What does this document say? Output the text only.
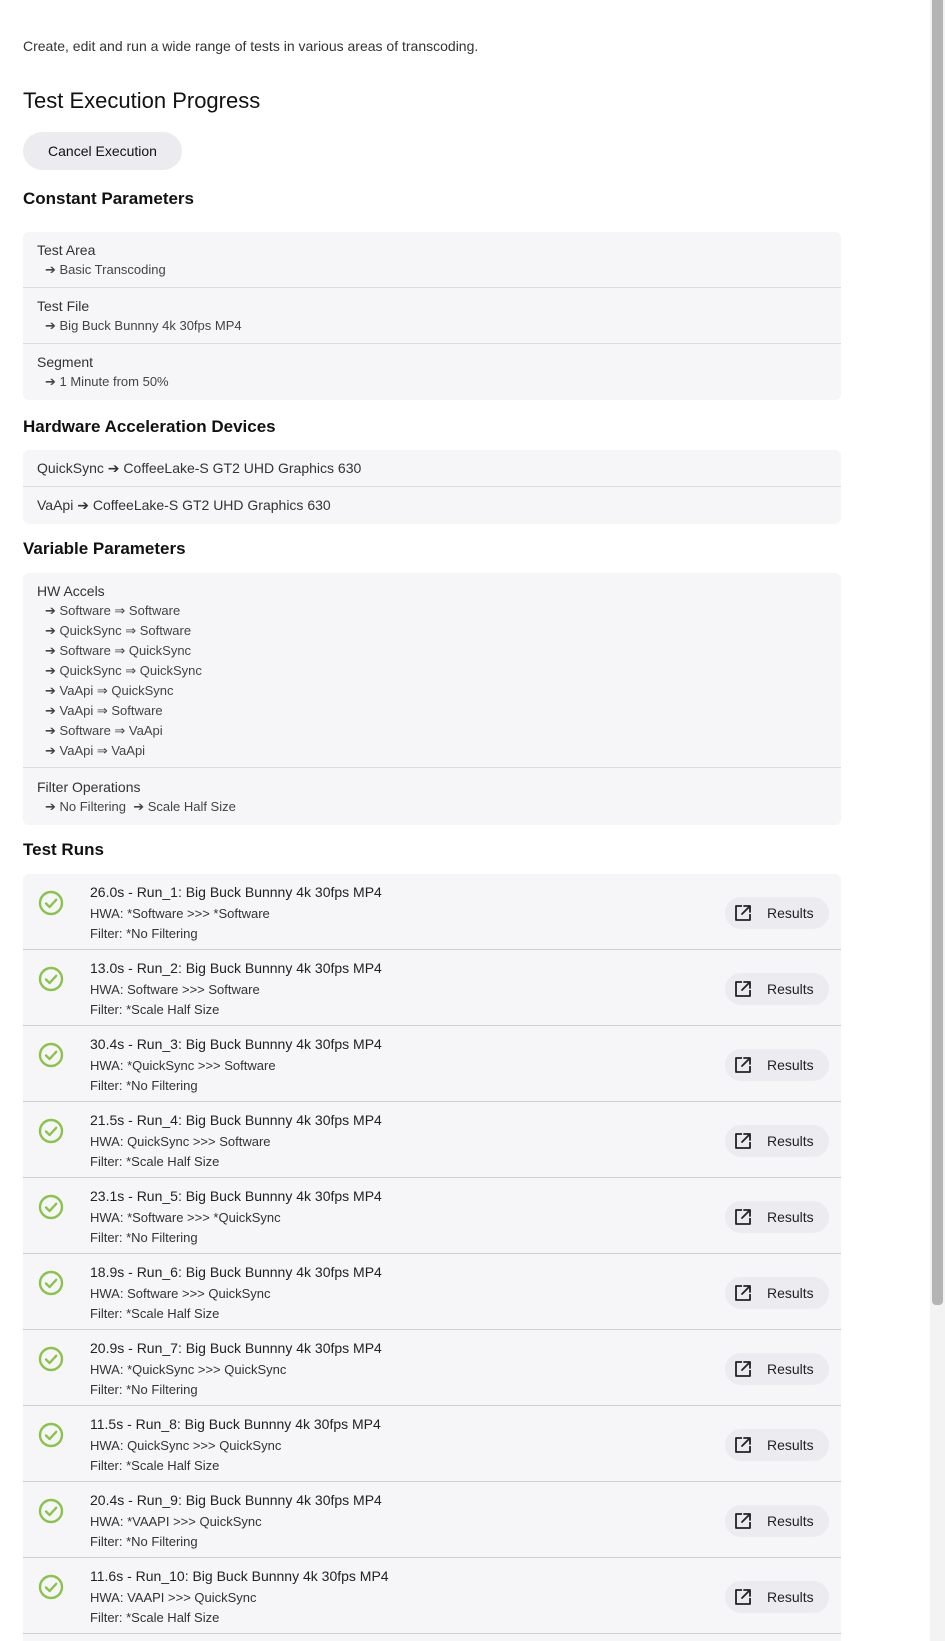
Create, edit and run a wide range of tests in various areas of transcoding.
Test Execution Progress
Cancel Execution
Constant Parameters
Test Area
➔ Basic Transcoding
Test File
➔ Big Buck Bunnny 4k 30fps MP4
Segment
➔ 1 Minute from 50%
Hardware Acceleration Devices
QuickSync ➔ CoffeeLake-S GT2 UHD Graphics 630
VaApi ➔ CoffeeLake-S GT2 UHD Graphics 630
Variable Parameters
HW Accels
➔ Software ⇒ Software
➔ QuickSync ⇒ Software
➔ Software ⇒ QuickSync
➔ QuickSync ⇒ QuickSync
➔ VaApi ⇒ QuickSync
➔ VaApi ⇒ Software
➔ Software ⇒ VaApi
➔ VaApi ⇒ VaApi
Filter Operations
➔ No Filtering  ➔ Scale Half Size
Test Runs
26.0s - Run_1: Big Buck Bunnny 4k 30fps MP4
HWA: *Software >>> *Software
Filter: *No Filtering
Results
13.0s - Run_2: Big Buck Bunnny 4k 30fps MP4
HWA: Software >>> Software
Filter: *Scale Half Size
Results
30.4s - Run_3: Big Buck Bunnny 4k 30fps MP4
HWA: *QuickSync >>> Software
Filter: *No Filtering
Results
21.5s - Run_4: Big Buck Bunnny 4k 30fps MP4
HWA: QuickSync >>> Software
Filter: *Scale Half Size
Results
23.1s - Run_5: Big Buck Bunnny 4k 30fps MP4
HWA: *Software >>> *QuickSync
Filter: *No Filtering
Results
18.9s - Run_6: Big Buck Bunnny 4k 30fps MP4
HWA: Software >>> QuickSync
Filter: *Scale Half Size
Results
20.9s - Run_7: Big Buck Bunnny 4k 30fps MP4
HWA: *QuickSync >>> QuickSync
Filter: *No Filtering
Results
11.5s - Run_8: Big Buck Bunnny 4k 30fps MP4
HWA: QuickSync >>> QuickSync
Filter: *Scale Half Size
Results
20.4s - Run_9: Big Buck Bunnny 4k 30fps MP4
HWA: *VAAPI >>> QuickSync
Filter: *No Filtering
Results
11.6s - Run_10: Big Buck Bunnny 4k 30fps MP4
HWA: VAAPI >>> QuickSync
Filter: *Scale Half Size
Results
